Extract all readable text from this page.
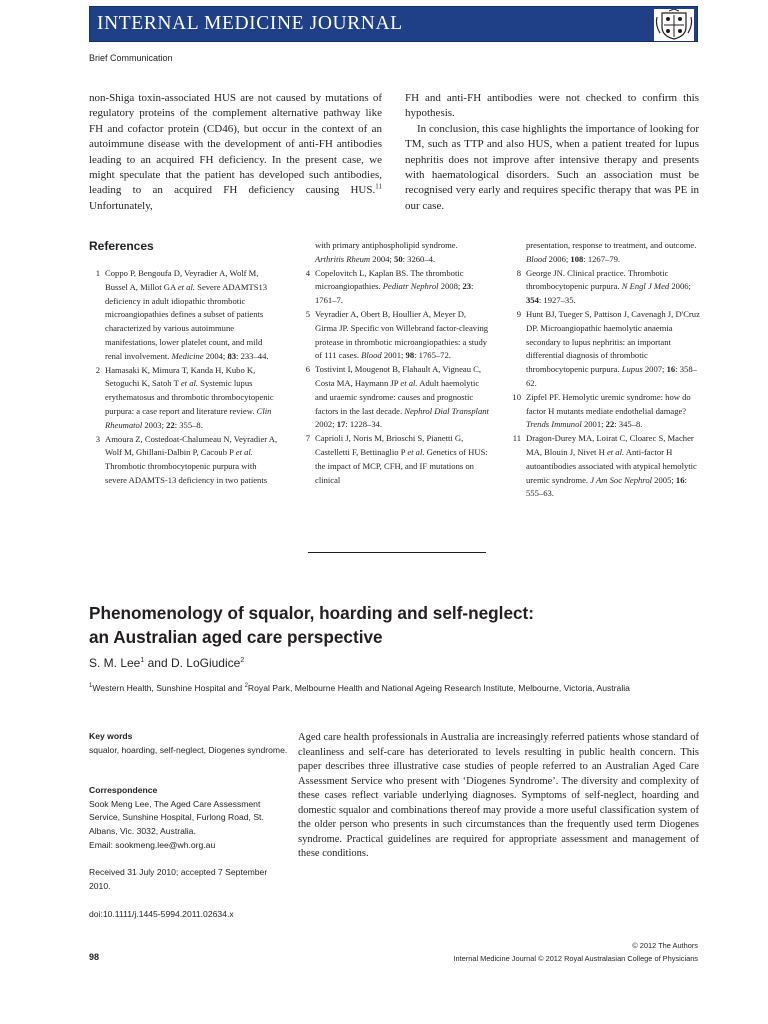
INTERNAL MEDICINE JOURNAL
Brief Communication

non-Shiga toxin-associated HUS are not caused by mutations of regulatory proteins of the complement alternative pathway like FH and cofactor protein (CD46), but occur in the context of an autoimmune disease with the development of anti-FH antibodies leading to an acquired FH deficiency. In the present case, we might speculate that the patient has developed such antibodies, leading to an acquired FH deficiency causing HUS.$^{11}$ Unfortunately,

FH and anti-FH antibodies were not checked to confirm this hypothesis.

In conclusion, this case highlights the importance of looking for TM, such as TTP and also HUS, when a patient treated for lupus nephritis does not improve after intensive therapy and presents with haematological disorders. Such an association must be recognised very early and requires specific therapy that was PE in our case.

References
1 Coppo P, Bengoufa D, Veyradier A, Wolf M, Bussel A, Millot GA et al. Severe ADAMTS13 deficiency in adult idiopathic thrombotic microangiopathies defines a subset of patients characterized by various autoimmune manifestations, lower platelet count, and mild renal involvement. Medicine 2004; 83: 233–44.
2 Hamasaki K, Mimura T, Kanda H, Kubo K, Setoguchi K, Satoh T et al. Systemic lupus erythematosus and thrombotic thrombocytopenic purpura: a case report and literature review. Clin Rheumatol 2003; 22: 355–8.
3 Amoura Z, Costedoat-Chalumeau N, Veyradier A, Wolf M, Ghillani-Dalbin P, Cacoub P et al. Thrombotic thrombocytopenic purpura with severe ADAMTS-13 deficiency in two patients
with primary antiphospholipid syndrome. Arthritis Rheum 2004; 50: 3260–4.
4 Copelovitch L, Kaplan BS. The thrombotic microangiopathies. Pediatr Nephrol 2008; 23: 1761–7.
5 Veyradier A, Obert B, Houllier A, Meyer D, Girma JP. Specific von Willebrand factor-cleaving protease in thrombotic microangiopathies: a study of 111 cases. Blood 2001; 98: 1765–72.
6 Tostivint I, Mougenot B, Flahault A, Vigneau C, Costa MA, Haymann JP et al. Adult haemolytic and uraemic syndrome: causes and prognostic factors in the last decade. Nephrol Dial Transplant 2002; 17: 1228–34.
7 Caprioli J, Noris M, Brioschi S, Pianetti G, Castelletti F, Bettinaglio P et al. Genetics of HUS: the impact of MCP, CFH, and IF mutations on clinical
presentation, response to treatment, and outcome. Blood 2006; 108: 1267–79.
8 George JN. Clinical practice. Thrombotic thrombocytopenic purpura. N Engl J Med 2006; 354: 1927–35.
9 Hunt BJ, Tueger S, Pattison J, Cavenagh J, D'Cruz DP. Microangiopathic haemolytic anaemia secondary to lupus nephritis: an important differential diagnosis of thrombotic thrombocytopenic purpura. Lupus 2007; 16: 358–62.
10 Zipfel PF. Hemolytic uremic syndrome: how do factor H mutants mediate endothelial damage? Trends Immunol 2001; 22: 345–8.
11 Dragon-Durey MA, Loirat C, Cloarec S, Macher MA, Blouin J, Nivet H et al. Anti-factor H autoantibodies associated with atypical hemolytic uremic syndrome. J Am Soc Nephrol 2005; 16: 555–63.
Phenomenology of squalor, hoarding and self-neglect:
an Australian aged care perspective
S. M. Lee$^1$ and D. LoGiudice$^2$
$^1$Western Health, Sunshine Hospital and $^2$Royal Park, Melbourne Health and National Ageing Research Institute, Melbourne, Victoria, Australia
Key words
squalor, hoarding, self-neglect, Diogenes syndrome.
Correspondence
Sook Meng Lee, The Aged Care Assessment Service, Sunshine Hospital, Furlong Road, St. Albans, Vic. 3032, Australia.
Email: sookmeng.lee@wh.org.au
Received 31 July 2010; accepted 7 September 2010.
doi:10.1111/j.1445-5994.2011.02634.x
Aged care health professionals in Australia are increasingly referred patients whose standard of cleanliness and self-care has deteriorated to levels resulting in public health concern. This paper describes three illustrative case studies of people referred to an Australian Aged Care Assessment Service who present with ‘Diogenes Syndrome’. The diversity and complexity of these cases reflect variable underlying diagnoses. Symptoms of self-neglect, hoarding and domestic squalor and combinations thereof may provide a more useful classification system of the older person who presents in such circumstances than the frequently used term Diogenes syndrome. Practical guidelines are required for appropriate assessment and management of these conditions.
© 2012 The Authors
Internal Medicine Journal © 2012 Royal Australasian College of Physicians
98
